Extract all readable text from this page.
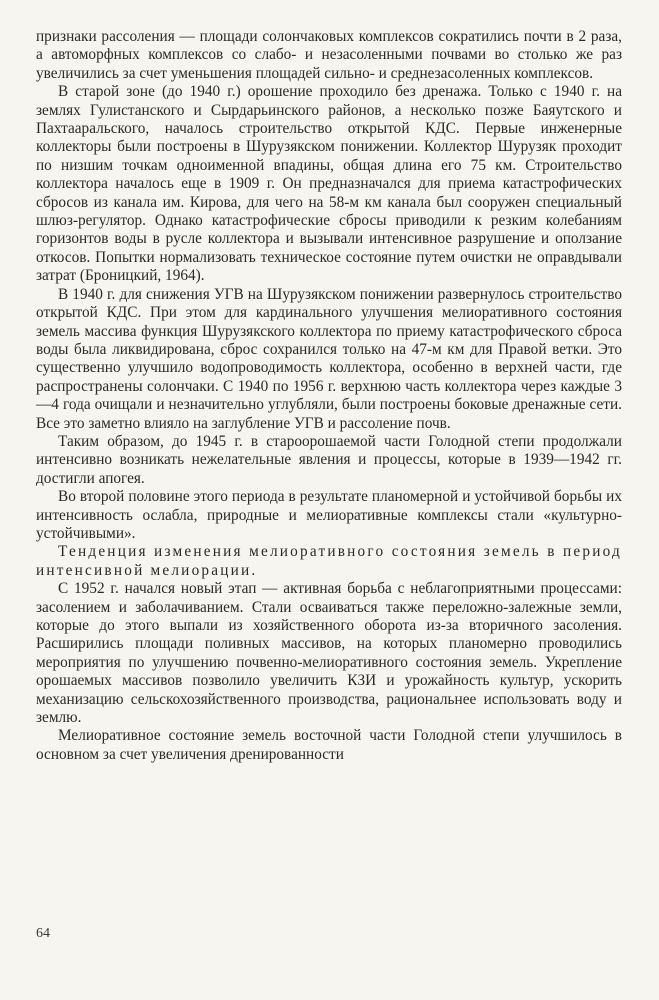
признаки рассоления — площади солончаковых комплексов сократились почти в 2 раза, а автоморфных комплексов со слабо- и незасоленными почвами во столько же раз увеличились за счет уменьшения площадей сильно- и среднезасоленных комплексов.

В старой зоне (до 1940 г.) орошение проходило без дренажа. Только с 1940 г. на землях Гулистанского и Сырдарьинского районов, а несколько позже Баяутского и Пахтааральского, началось строительство открытой КДС. Первые инженерные коллекторы были построены в Шурузякском понижении. Коллектор Шурузяк проходит по низшим точкам одноименной впадины, общая длина его 75 км. Строительство коллектора началось еще в 1909 г. Он предназначался для приема катастрофических сбросов из канала им. Кирова, для чего на 58-м км канала был сооружен специальный шлюз-регулятор. Однако катастрофические сбросы приводили к резким колебаниям горизонтов воды в русле коллектора и вызывали интенсивное разрушение и оползание откосов. Попытки нормализовать техническое состояние путем очистки не оправдывали затрат (Броницкий, 1964).

В 1940 г. для снижения УГВ на Шурузякском понижении развернулось строительство открытой КДС. При этом для кардинального улучшения мелиоративного состояния земель массива функция Шурузякского коллектора по приему катастрофического сброса воды была ликвидирована, сброс сохранился только на 47-м км для Правой ветки. Это существенно улучшило водопроводимость коллектора, особенно в верхней части, где распространены солончаки. С 1940 по 1956 г. верхнюю часть коллектора через каждые 3—4 года очищали и незначительно углубляли, были построены боковые дренажные сети. Все это заметно влияло на заглубление УГВ и рассоление почв.

Таким образом, до 1945 г. в староорошаемой части Голодной степи продолжали интенсивно возникать нежелательные явления и процессы, которые в 1939—1942 гг. достигли апогея.

Во второй половине этого периода в результате планомерной и устойчивой борьбы их интенсивность ослабла, природные и мелиоративные комплексы стали «культурно-устойчивыми».

Тенденция изменения мелиоративного состояния земель в период интенсивной мелиорации.

С 1952 г. начался новый этап — активная борьба с неблагоприятными процессами: засолением и заболачиванием. Стали осваиваться также переложно-залежные земли, которые до этого выпали из хозяйственного оборота из-за вторичного засоления. Расширились площади поливных массивов, на которых планомерно проводились мероприятия по улучшению почвенно-мелиоративного состояния земель. Укрепление орошаемых массивов позволило увеличить КЗИ и урожайность культур, ускорить механизацию сельскохозяйственного производства, рациональнее использовать воду и землю.

Мелиоративное состояние земель восточной части Голодной степи улучшилось в основном за счет увеличения дренированности

64
